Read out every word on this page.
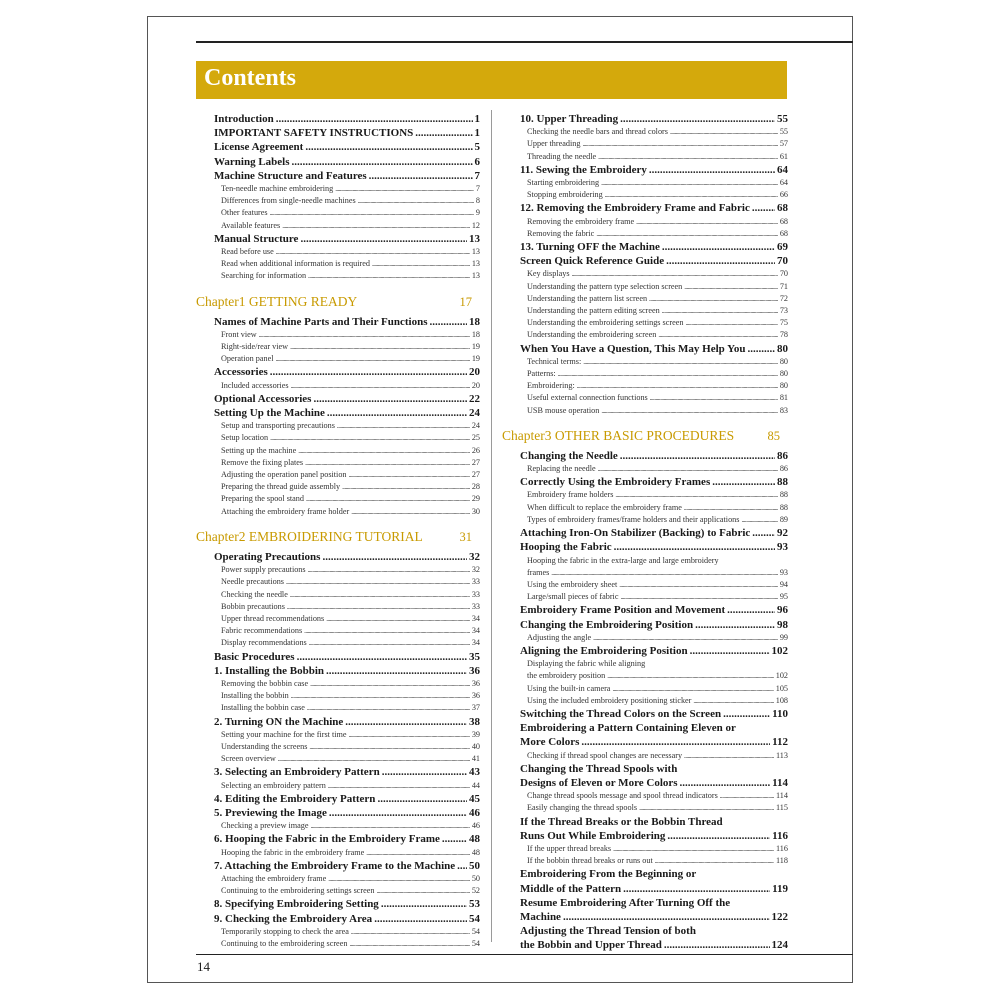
Contents
Introduction .....	1
IMPORTANT SAFETY INSTRUCTIONS .....	1
License Agreement .....	5
Warning Labels .....	6
Machine Structure and Features .....	7
Ten-needle machine embroidering .....	7
Differences from single-needle machines .....	8
Other features .....	9
Available features .....	12
Manual Structure .....	13
Read before use .....	13
Read when additional information is required .....	13
Searching for information .....	13
Chapter1 GETTING READY	17
Names of Machine Parts and Their Functions .....	18
Front view .....	18
Right-side/rear view .....	19
Operation panel .....	19
Accessories .....	20
Included accessories .....	20
Optional Accessories .....	22
Setting Up the Machine .....	24
Setup and transporting precautions .....	24
Setup location .....	25
Setting up the machine .....	26
Remove the fixing plates .....	27
Adjusting the operation panel position .....	27
Preparing the thread guide assembly .....	28
Preparing the spool stand .....	29
Attaching the embroidery frame holder .....	30
Chapter2 EMBROIDERING TUTORIAL	31
Operating Precautions .....	32
Power supply precautions .....	32
Needle precautions .....	33
Checking the needle .....	33
Bobbin precautions .....	33
Upper thread recommendations .....	34
Fabric recommendations .....	34
Display recommendations .....	34
Basic Procedures .....	35
1. Installing the Bobbin .....	36
Removing the bobbin case .....	36
Installing the bobbin .....	36
Installing the bobbin case .....	37
2. Turning ON the Machine .....	38
Setting your machine for the first time .....	39
Understanding the screens .....	40
Screen overview .....	41
3. Selecting an Embroidery Pattern .....	43
Selecting an embroidery pattern .....	44
4. Editing the Embroidery Pattern .....	45
5. Previewing the Image .....	46
Checking a preview image .....	46
6. Hooping the Fabric in the Embroidery Frame .....	48
Hooping the fabric in the embroidery frame .....	48
7. Attaching the Embroidery Frame to the Machine ..... 50
Attaching the embroidery frame .....	50
Continuing to the embroidering settings screen .....	52
8. Specifying Embroidering Setting .....	53
9. Checking the Embroidery Area .....	54
Temporarily stopping to check the area .....	54
Continuing to the embroidering screen .....	54
10. Upper Threading .....	55
Checking the needle bars and thread colors .....	55
Upper threading .....	57
Threading the needle .....	61
11. Sewing the Embroidery .....	64
Starting embroidering .....	64
Stopping embroidering .....	66
12. Removing the Embroidery Frame and Fabric ..... 68
Removing the embroidery frame .....	68
Removing the fabric .....	68
13. Turning OFF the Machine .....	69
Screen Quick Reference Guide .....	70
Key displays .....	70
Understanding the pattern type selection screen .....	71
Understanding the pattern list screen .....	72
Understanding the pattern editing screen .....	73
Understanding the embroidering settings screen .....	75
Understanding the embroidering screen .....	78
When You Have a Question, This May Help You .....	80
Technical terms: .....	80
Patterns: .....	80
Embroidering: .....	80
Useful external connection functions .....	81
USB mouse operation .....	83
Chapter3 OTHER BASIC PROCEDURES	85
Changing the Needle .....	86
Replacing the needle .....	86
Correctly Using the Embroidery Frames .....	88
Embroidery frame holders .....	88
When difficult to replace the embroidery frame .....	88
Types of embroidery frames/frame holders and their applications .....	89
Attaching Iron-On Stabilizer (Backing) to Fabric ..... 92
Hooping the Fabric .....	93
Hooping the fabric in the extra-large and large embroidery
frames .....	93
Using the embroidery sheet .....	94
Large/small pieces of fabric .....	95
Embroidery Frame Position and Movement .....	96
Changing the Embroidering Position .....	98
Adjusting the angle .....	99
Aligning the Embroidering Position .....	102
Displaying the fabric while aligning
the embroidery position .....	102
Using the built-in camera .....	105
Using the included embroidery positioning sticker .....	108
Switching the Thread Colors on the Screen .....	110
Embroidering a Pattern Containing Eleven or
More Colors .....	112
Checking if thread spool changes are necessary .....	113
Changing the Thread Spools with
Designs of Eleven or More Colors .....	114
Change thread spools message and spool thread indicators .....	114
Easily changing the thread spools .....	115
If the Thread Breaks or the Bobbin Thread
Runs Out While Embroidering .....	116
If the upper thread breaks .....	116
If the bobbin thread breaks or runs out .....	118
Embroidering From the Beginning or
Middle of the Pattern .....	119
Resume Embroidering After Turning Off the
Machine .....	122
Adjusting the Thread Tension of both
the Bobbin and Upper Thread .....	124
14
